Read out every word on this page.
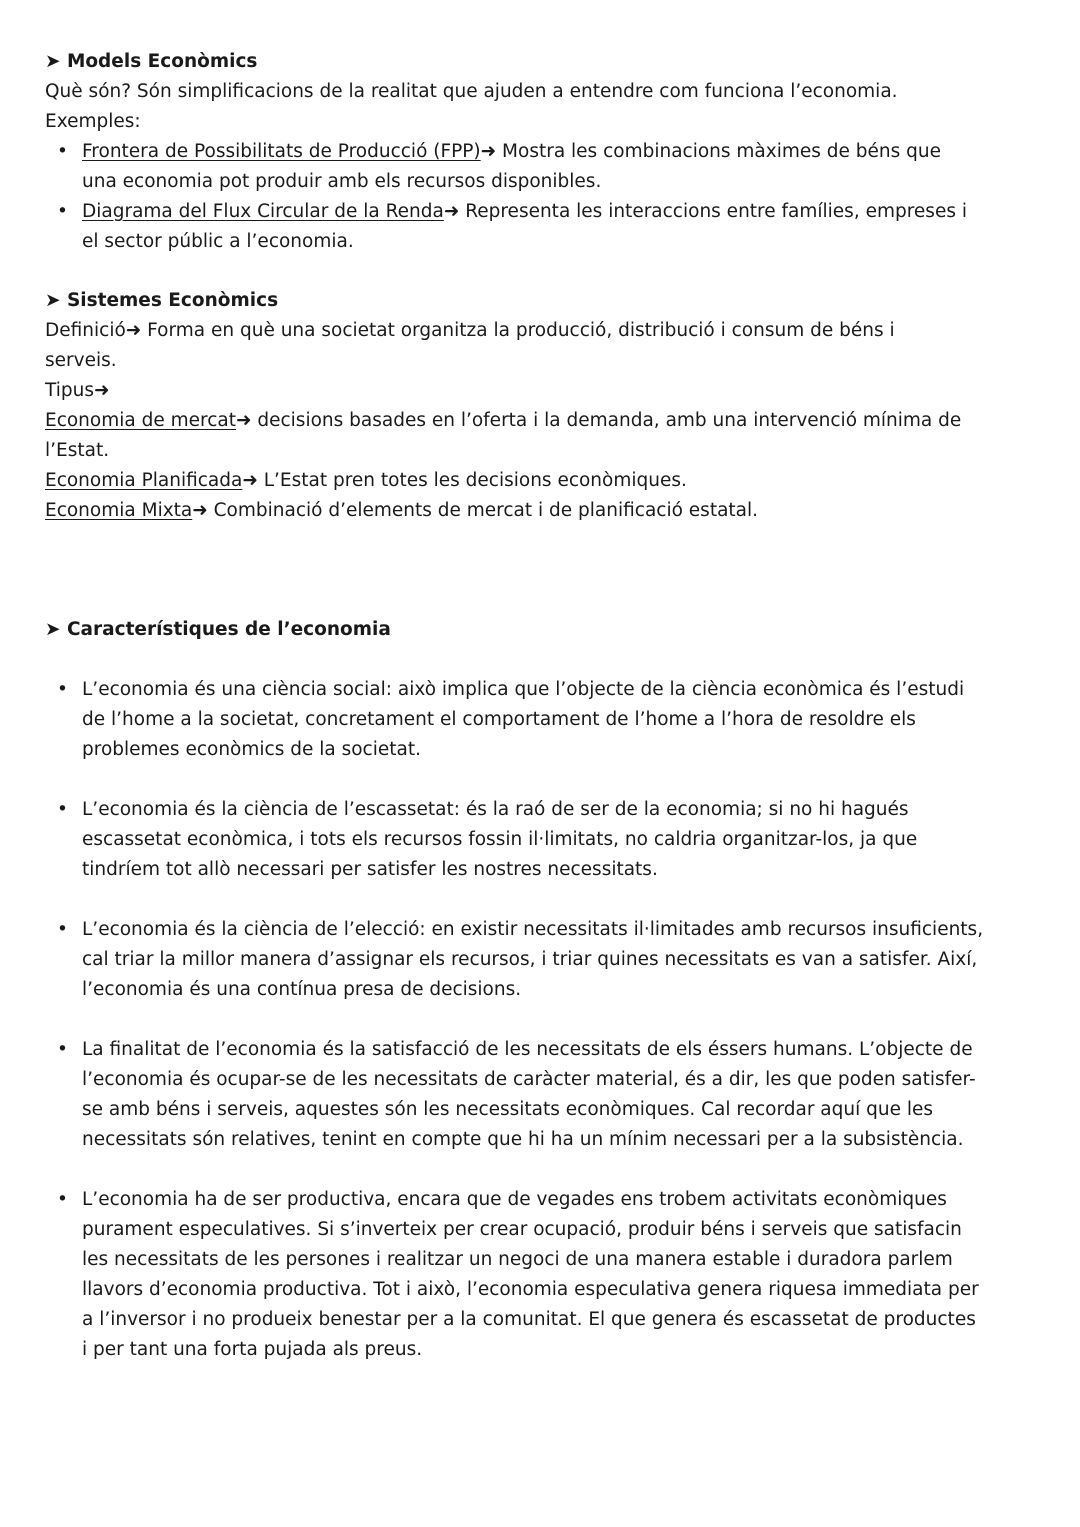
➤ Models Econòmics
Què són? Són simplificacions de la realitat que ajuden a entendre com funciona l’economia.
Exemples:
• Frontera de Possibilitats de Producció (FPP)➜ Mostra les combinacions màximes de béns que
una economia pot produir amb els recursos disponibles.
• Diagrama del Flux Circular de la Renda➜ Representa les interaccions entre famílies, empreses i
el sector públic a l’economia.
➤ Sistemes Econòmics
Definició➜ Forma en què una societat organitza la producció, distribució i consum de béns i
serveis.
Tipus➜
Economia de mercat➜ decisions basades en l’oferta i la demanda, amb una intervenció mínima de
l’Estat.
Economia Planificada➜ L’Estat pren totes les decisions econòmiques.
Economia Mixta➜ Combinació d’elements de mercat i de planificació estatal.
➤ Característiques de l’economia
• L’economia és una ciència social: això implica que l’objecte de la ciència econòmica és l’estudi
de l’home a la societat, concretament el comportament de l’home a l’hora de resoldre els
problemes econòmics de la societat.
• L’economia és la ciència de l’escassetat: és la raó de ser de la economia; si no hi hagués
escassetat econòmica, i tots els recursos fossin il·limitats, no caldria organitzar-los, ja que
tindríem tot allò necessari per satisfer les nostres necessitats.
• L’economia és la ciència de l’elecció: en existir necessitats il·limitades amb recursos insuficients,
cal triar la millor manera d’assignar els recursos, i triar quines necessitats es van a satisfer. Així,
l’economia és una contínua presa de decisions.
• La finalitat de l’economia és la satisfacció de les necessitats de els éssers humans. L’objecte de
l’economia és ocupar-se de les necessitats de caràcter material, és a dir, les que poden satisfer-
se amb béns i serveis, aquestes són les necessitats econòmiques. Cal recordar aquí que les
necessitats són relatives, tenint en compte que hi ha un mínim necessari per a la subsistència.
• L’economia ha de ser productiva, encara que de vegades ens trobem activitats econòmiques
purament especulatives. Si s’inverteix per crear ocupació, produir béns i serveis que satisfacin
les necessitats de les persones i realitzar un negoci de una manera estable i duradora parlem
llavors d’economia productiva. Tot i això, l’economia especulativa genera riquesa immediata per
a l’inversor i no produeix benestar per a la comunitat. El que genera és escassetat de productes
i per tant una forta pujada als preus.
